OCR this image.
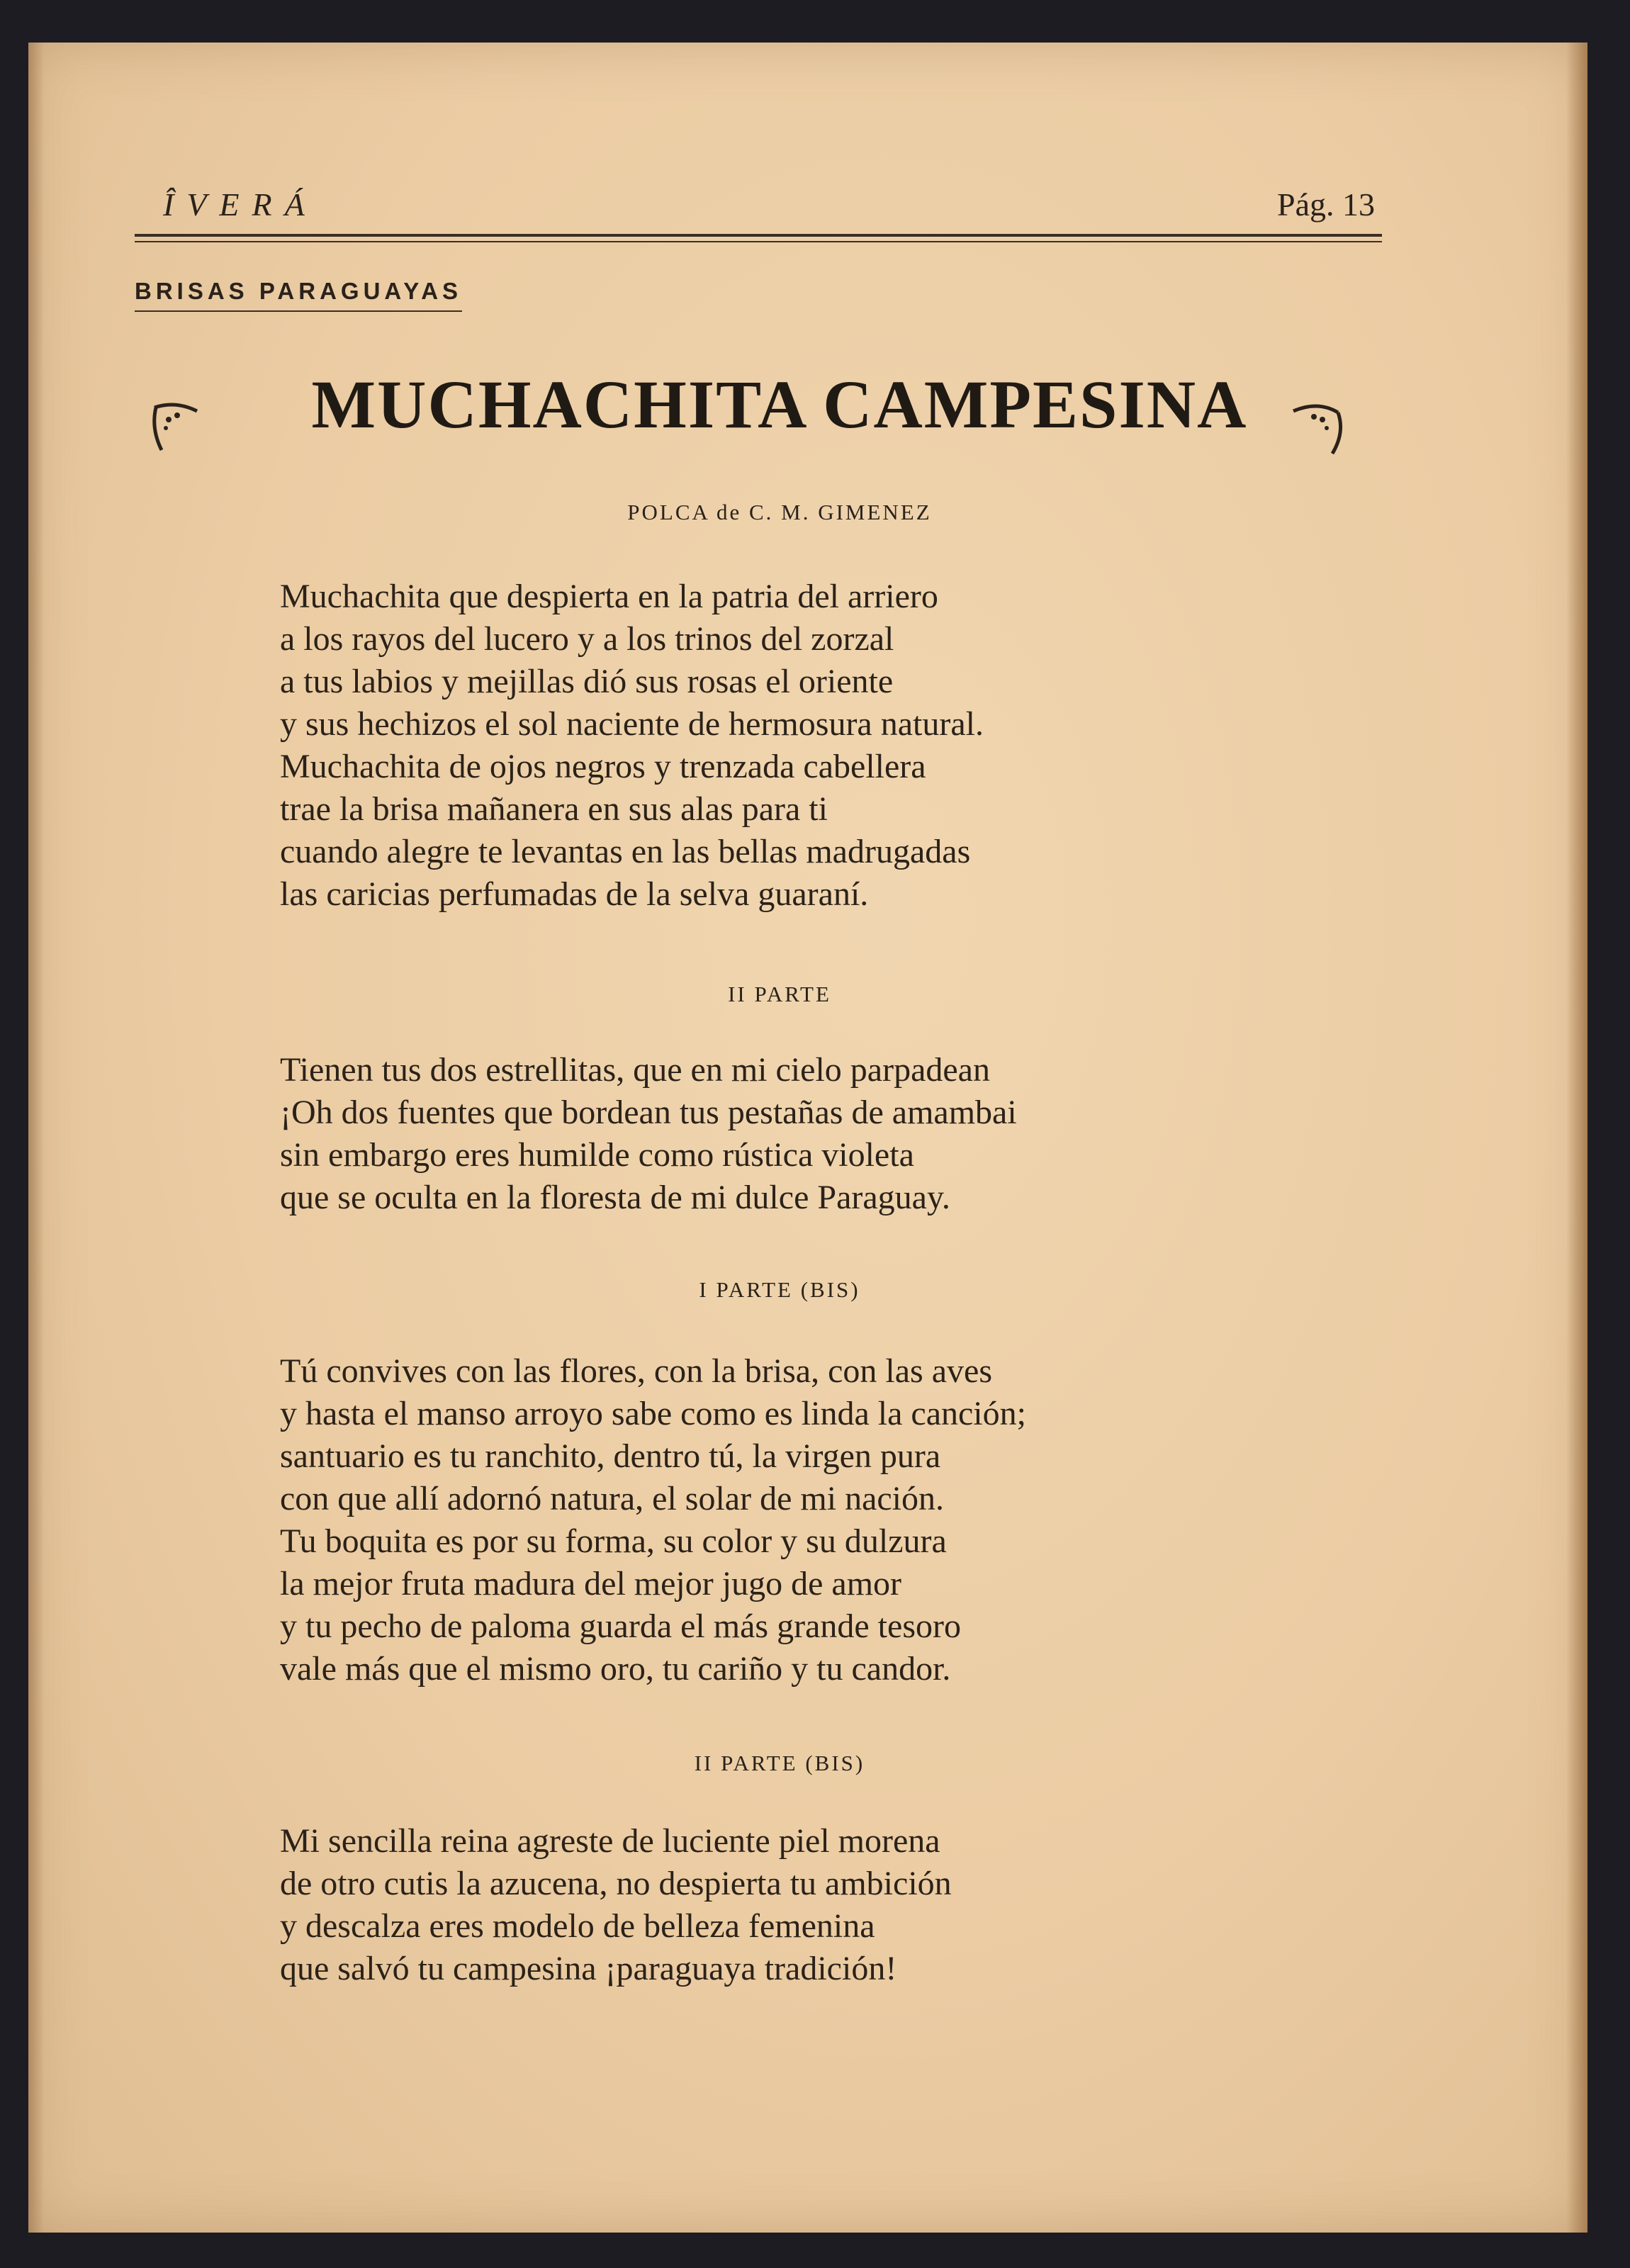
ÎVERÁ	Pág. 13
BRISAS PARAGUAYAS
MUCHACHITA CAMPESINA
POLCA de C. M. GIMENEZ
Muchachita que despierta en la patria del arriero
a los rayos del lucero y a los trinos del zorzal
a tus labios y mejillas dió sus rosas el oriente
y sus hechizos el sol naciente de hermosura natural.
Muchachita de ojos negros y trenzada cabellera
trae la brisa mañanera en sus alas para ti
cuando alegre te levantas en las bellas madrugadas
las caricias perfumadas de la selva guaraní.
II PARTE
Tienen tus dos estrellitas, que en mi cielo parpadean
¡Oh dos fuentes que bordean tus pestañas de amambai
sin embargo eres humilde como rústica violeta
que se oculta en la floresta de mi dulce Paraguay.
I PARTE (BIS)
Tú convives con las flores, con la brisa, con las aves
y hasta el manso arroyo sabe como es linda la canción;
santuario es tu ranchito, dentro tú, la virgen pura
con que allí adornó natura, el solar de mi nación.
Tu boquita es por su forma, su color y su dulzura
la mejor fruta madura del mejor jugo de amor
y tu pecho de paloma guarda el más grande tesoro
vale más que el mismo oro, tu cariño y tu candor.
II PARTE (BIS)
Mi sencilla reina agreste de luciente piel morena
de otro cutis la azucena, no despierta tu ambición
y descalza eres modelo de belleza femenina
que salvó tu campesina ¡paraguaya tradición!
